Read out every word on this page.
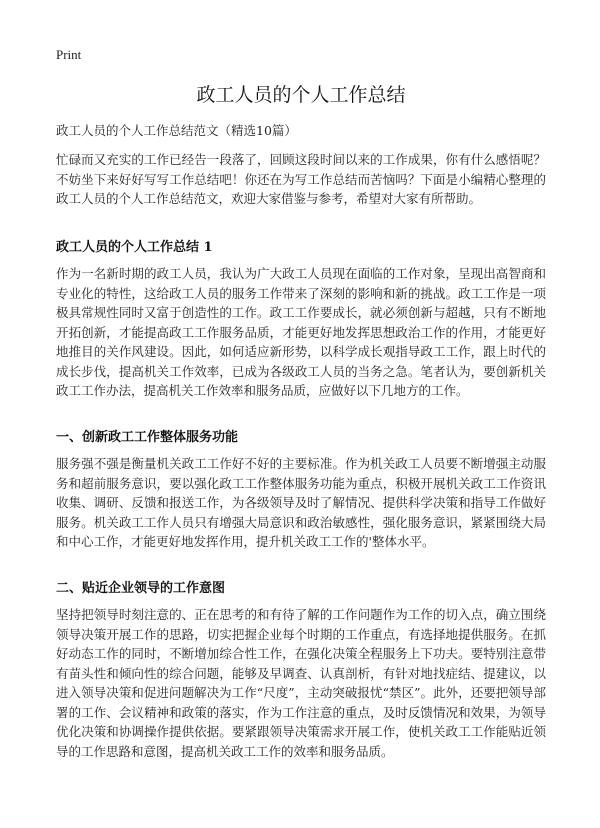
Print
政工人员的个人工作总结

政工人员的个人工作总结范文（精选10篇）

忙碌而又充实的工作已经告一段落了，回顾这段时间以来的工作成果，你有什么感悟呢？不妨坐下来好好写写工作总结吧！你还在为写工作总结而苦恼吗？下面是小编精心整理的政工人员的个人工作总结范文，欢迎大家借鉴与参考，希望对大家有所帮助。

政工人员的个人工作总结 1

作为一名新时期的政工人员，我认为广大政工人员现在面临的工作对象，呈现出高智商和专业化的特性，这给政工人员的服务工作带来了深刻的影响和新的挑战。政工工作是一项极具常规性同时又富于创造性的工作。政工工作要成长，就必须创新与超越，只有不断地开拓创新，才能提高政工工作服务品质，才能更好地发挥思想政治工作的作用，才能更好地推目的关作风建设。因此，如何适应新形势，以科学成长观指导政工工作，跟上时代的成长步伐，提高机关工作效率，已成为各级政工人员的当务之急。笔者认为，要创新机关政工工作办法，提高机关工作效率和服务品质，应做好以下几地方的工作。

一、创新政工工作整体服务功能

服务强不强是衡量机关政工工作好不好的主要标准。作为机关政工人员要不断增强主动服务和超前服务意识，要以强化政工工作整体服务功能为重点，积极开展机关政工工作资讯收集、调研、反馈和报送工作，为各级领导及时了解情况、提供科学决策和指导工作做好服务。机关政工工作人员只有增强大局意识和政治敏感性，强化服务意识，紧紧围绕大局和中心工作，才能更好地发挥作用，提升机关政工工作的'整体水平。

二、贴近企业领导的工作意图

坚持把领导时刻注意的、正在思考的和有待了解的工作问题作为工作的切入点，确立围绕领导决策开展工作的思路，切实把握企业每个时期的工作重点，有选择地提供服务。在抓好动态工作的同时，不断增加综合性工作，在强化决策全程服务上下功夫。要特别注意带有苗头性和倾向性的综合问题，能够及早调查、认真剖析，有针对地找症结、提建议，以进入领导决策和促进问题解决为工作“尺度”，主动突破报忧“禁区”。此外，还要把领导部署的工作、会议精神和政策的落实，作为工作注意的重点，及时反馈情况和效果，为领导优化决策和协调操作提供依据。要紧跟领导决策需求开展工作，使机关政工工作能贴近领导的工作思路和意图，提高机关政工工作的效率和服务品质。
